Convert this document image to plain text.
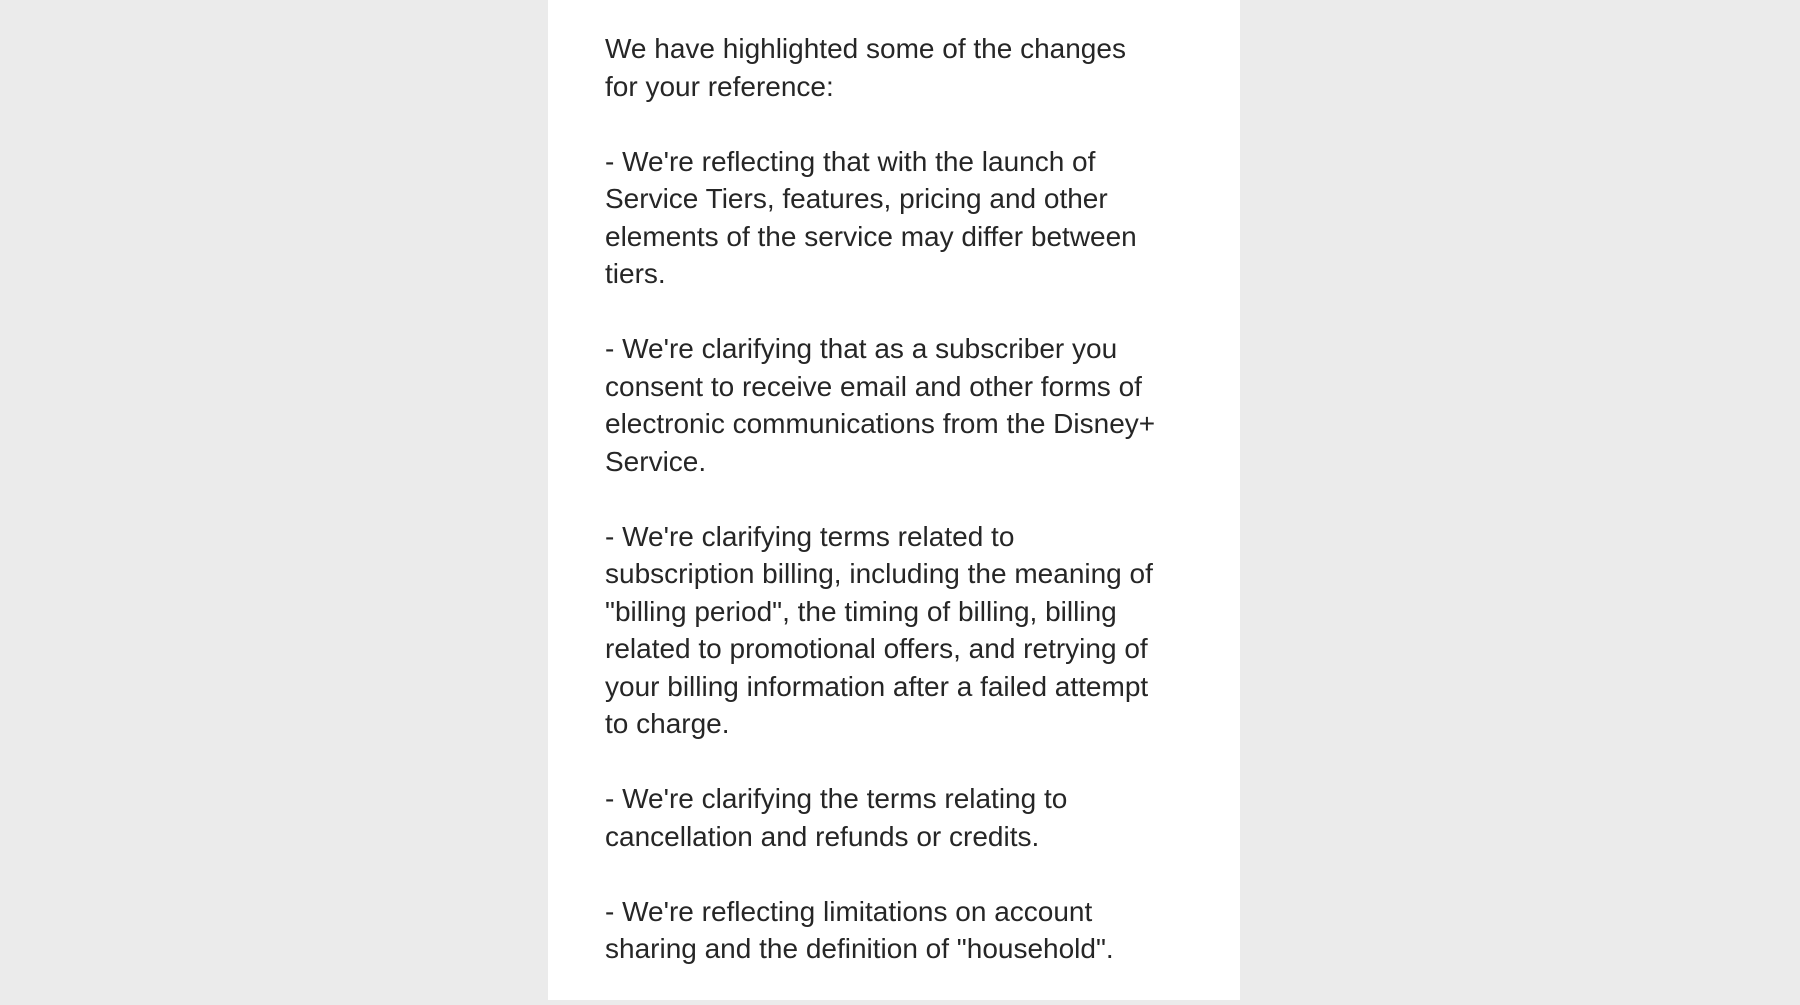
We have highlighted some of the changes
for your reference:

- We're reflecting that with the launch of
Service Tiers, features, pricing and other
elements of the service may differ between
tiers.

- We're clarifying that as a subscriber you
consent to receive email and other forms of
electronic communications from the Disney+
Service.

- We're clarifying terms related to
subscription billing, including the meaning of
"billing period", the timing of billing, billing
related to promotional offers, and retrying of
your billing information after a failed attempt
to charge.

- We're clarifying the terms relating to
cancellation and refunds or credits.

- We're reflecting limitations on account
sharing and the definition of "household".
